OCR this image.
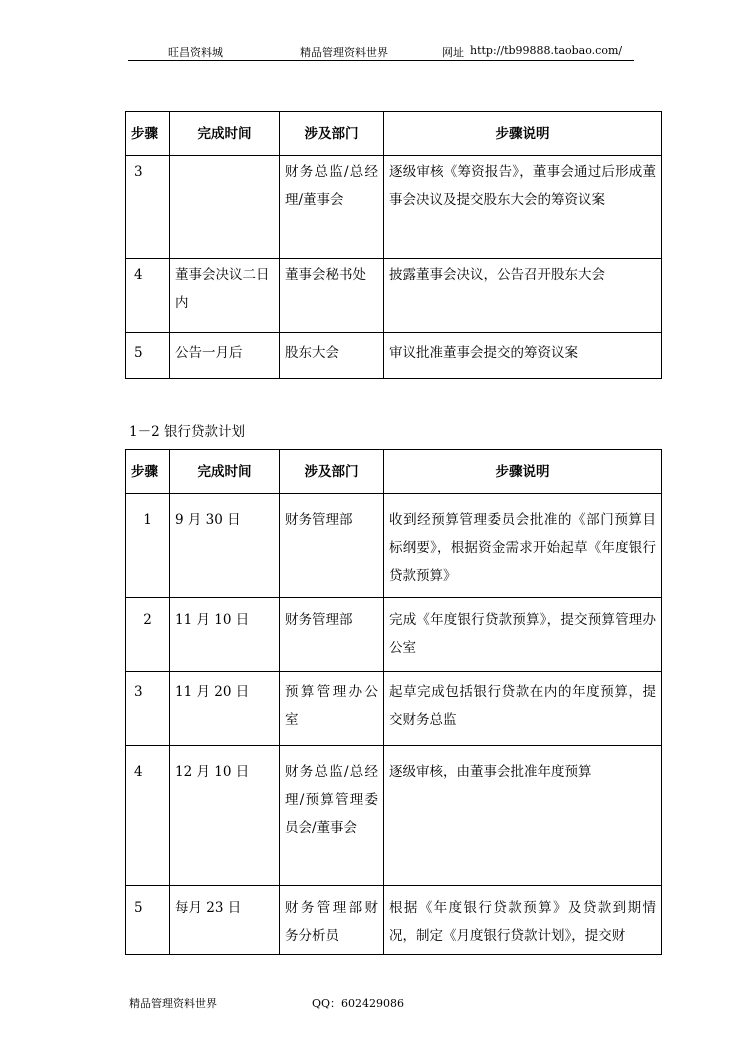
旺昌资料城	精品管理资料世界	网址 http://tb99888.taobao.com/
步骤	完成时间	涉及部门	步骤说明
3		财务总监/总经理/董事会	逐级审核《筹资报告》，董事会通过后形成董事会决议及提交股东大会的筹资议案
4	董事会决议二日内	董事会秘书处	披露董事会决议，公告召开股东大会
5	公告一月后	股东大会	审议批准董事会提交的筹资议案
1－2 银行贷款计划
步骤	完成时间	涉及部门	步骤说明
1	9 月 30 日	财务管理部	收到经预算管理委员会批准的《部门预算目标纲要》，根据资金需求开始起草《年度银行贷款预算》
2	11 月 10 日	财务管理部	完成《年度银行贷款预算》，提交预算管理办公室
3	11 月 20 日	预算管理办公室	起草完成包括银行贷款在内的年度预算，提交财务总监
4	12 月 10 日	财务总监/总经理/预算管理委员会/董事会	逐级审核，由董事会批准年度预算
5	每月 23 日	财务管理部财务分析员	根据《年度银行贷款预算》及贷款到期情况，制定《月度银行贷款计划》，提交财
精品管理资料世界	QQ：602429086
